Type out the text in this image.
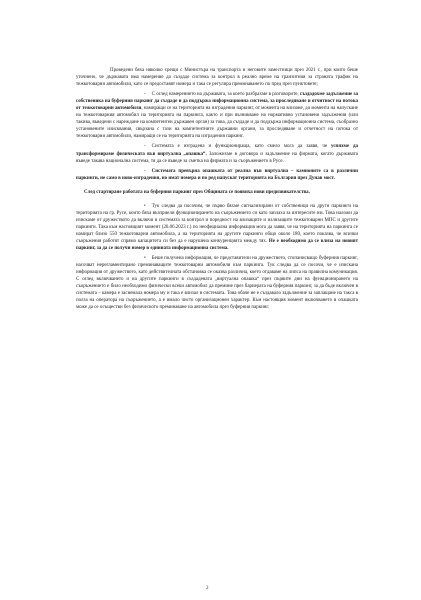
Проведени бяха няколко срещи с Министъра на транспорта и неговите заместници през 2021 г., при които беше уточнено, че държавата има намерение да създаде система за контрол в реално време на транзитния за страната трафик на тежкотоварни автомобили, като се предоставят номера и така се регулира преминаването по пред през пунктовете;

- С оглед намерението на държавата, за което разбрахме в разговорите, създадохме задължение за собственика на буферния паркинг да създаде и да поддържа информационна система, за проследяване и отчитност на потока от тежкотоварни автомобили, намиращи се на територията на изградения паркинг, от момента на влизане, до момента на напускане на тежкотоварния автомобил на територията на паркинга, както и при възникване на нормативно установени задължения (или такива, въведени с нареждане на компетентен държавен орган) за това, да създаде и да поддържа информационна система, съобразно установените изисквания, свързана с тази на компетентните държавни органи, за проследяване и отчетност на потока от тежкотоварни автомобили, намиращи се на територията на изградения паркинг.

- Системата е изградена и функционираща, като смело мога да заявя, че успяхме да трансформираме физическата във виртуална „опашка“. Заложихме в договора и задължение на фирмата, когато държавата въведе такава национална система, тя да се въведе за сметка на фирмата и за съоръжението в Русе.

- Системата превърна опашката от реална във виртуална – камионите са в различни паркинги, не само в ново-изградения, но имат номера и по ред напускат територията на България през Дунав мост.

След стартиране работата на буферния паркинг през Общината се появиха нови предизвикателства.

• Тук следва да посочим, че първо бяхме сигнализирани от собственици на други паркинги на територията на гр. Русе, които бяха възприели функционирането на съоръжението си като заплаха за интересите им. Това наложи да изискаме от дружеството да включи в системата за контрол и поредност на влизащите и излизащите тежкотоварни МПС и другите паркинги. Така към настоящият момент (26.06.2023 г.) по неофициална информация мога да заявя, че на територията на паркинга се намират близо 550 тежкотоварни автомобила, а на територията на другите паркинги общо около 180, което показва, че всички съоръжения работят спрямо капацитета си без да е нарушена конкуренцията между тях. Не е необходимо да се влиза на новият паркинг, за да се получи номер в единната информационна система.

• Беше получена информация, че представители на дружеството, стопанисващо буферния паркинг, насочват нерегламентирано преминаващите тежкотоварни автомобили към паркинга. Тук следва да се посочи, че е изискана информация от дружеството, като действителната обстановка се оказва различна, което отдаваме на липса на правилна комуникация. С оглед включването и на другите паркинги в създадената „виртуална опашка“ през първите дни на функционирането на съоръжението е било необходимо физически всеки автомобил да премине през бариерата на буферния паркинг, за да бъде включен в системата – камера е заснемала номера му и така е влизал в системата. Това обаче не е създавало задължение за заплащане на такса в полза на оператора на съоръжението, а е имало чисто организационен характер. Към настоящия момент включването в опашката може да се осъществи без физическото преминаване на автомобила през буферния паркинг.

2
